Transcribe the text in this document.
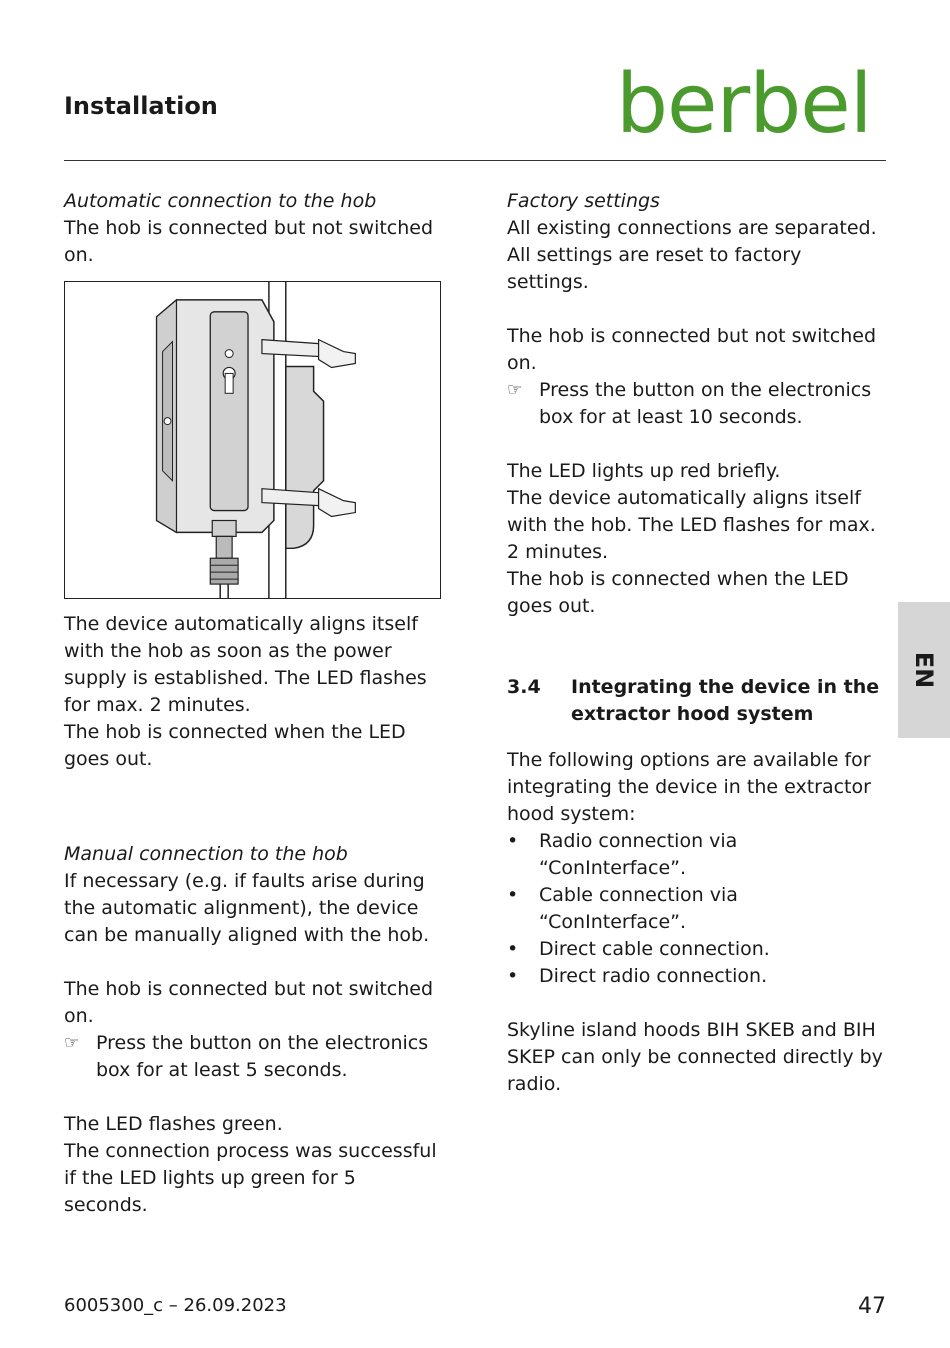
Installation	berbel

Automatic connection to the hob

The hob is connected but not switched on.

The device automatically aligns itself with the hob as soon as the power supply is established. The LED flashes for max. 2 minutes.

The hob is connected when the LED goes out.

Manual connection to the hob

If necessary (e.g. if faults arise during the automatic alignment), the device can be manually aligned with the hob.

The hob is connected but not switched on.

☞ Press the button on the electronics box for at least 5 seconds.

The LED flashes green.

The connection process was successful if the LED lights up green for 5 seconds.

Factory settings

All existing connections are separated. All settings are reset to factory settings.

The hob is connected but not switched on.

☞ Press the button on the electronics box for at least 10 seconds.

The LED lights up red briefly.

The device automatically aligns itself with the hob. The LED flashes for max. 2 minutes.

The hob is connected when the LED goes out.

3.4	Integrating the device in the extractor hood system

The following options are available for integrating the device in the extractor hood system:

• Radio connection via “ConInterface”.
• Cable connection via “ConInterface”.
• Direct cable connection.
• Direct radio connection.

Skyline island hoods BIH SKEB and BIH SKEP can only be connected directly by radio.

EN
6005300_c – 26.09.2023	47
